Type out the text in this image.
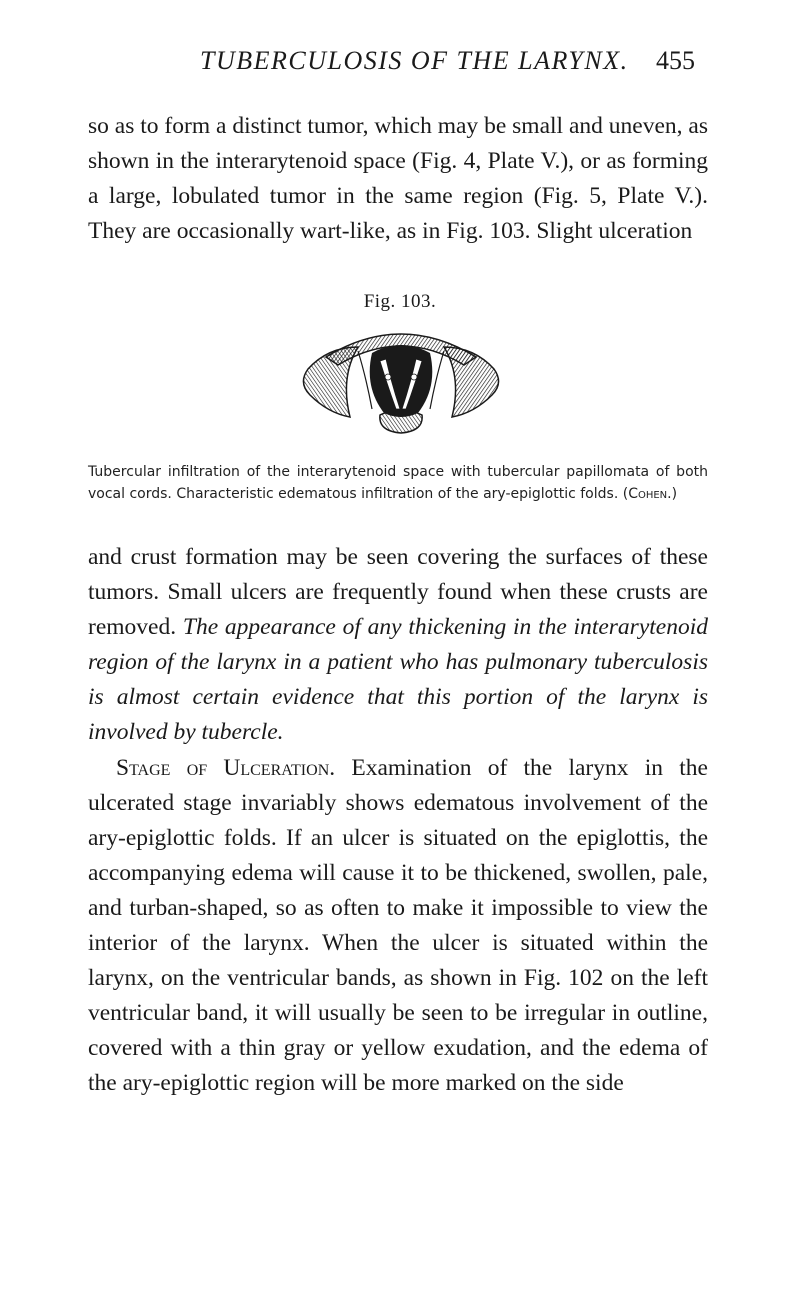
TUBERCULOSIS OF THE LARYNX.	455

so as to form a distinct tumor, which may be small and uneven, as shown in the interarytenoid space (Fig. 4, Plate V.), or as forming a large, lobulated tumor in the same region (Fig. 5, Plate V.). They are occasionally wart-like, as in Fig. 103. Slight ulceration

Fig. 103.
Tubercular infiltration of the interarytenoid space with tubercular papillomata of both vocal cords. Characteristic edematous infiltration of the ary-epiglottic folds. (Cohen.)

and crust formation may be seen covering the surfaces of these tumors. Small ulcers are frequently found when these crusts are removed. The appearance of any thickening in the interarytenoid region of the larynx in a patient who has pulmonary tuberculosis is almost certain evidence that this portion of the larynx is involved by tubercle.

Stage of Ulceration. Examination of the larynx in the ulcerated stage invariably shows edematous involvement of the ary-epiglottic folds. If an ulcer is situated on the epiglottis, the accompanying edema will cause it to be thickened, swollen, pale, and turban-shaped, so as often to make it impossible to view the interior of the larynx. When the ulcer is situated within the larynx, on the ventricular bands, as shown in Fig. 102 on the left ventricular band, it will usually be seen to be irregular in outline, covered with a thin gray or yellow exudation, and the edema of the ary-epiglottic region will be more marked on the side
